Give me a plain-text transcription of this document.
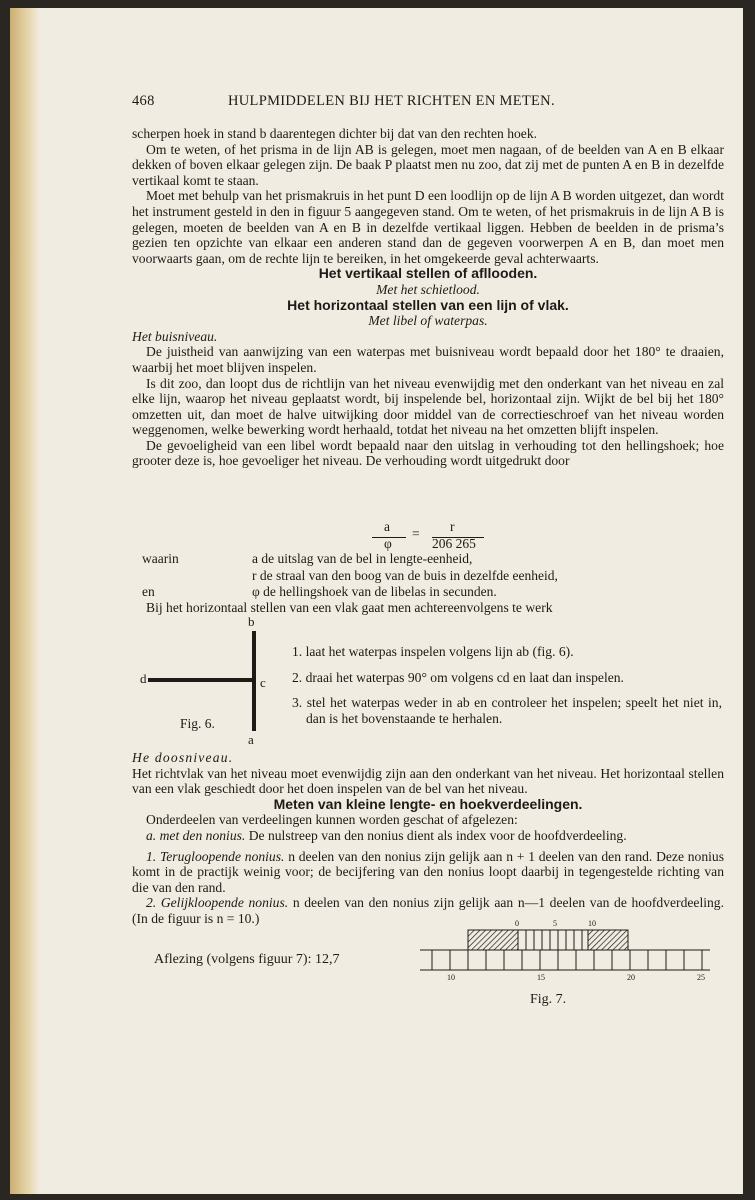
468	HULPMIDDELEN BIJ HET RICHTEN EN METEN.

scherpen hoek in stand b daarentegen dichter bij dat van den rechten hoek.

Om te weten, of het prisma in de lijn AB is gelegen, moet men nagaan, of de beelden van A en B elkaar dekken of boven elkaar gelegen zijn. De baak P plaatst men nu zoo, dat zij met de punten A en B in dezelfde vertikaal komt te staan.

Moet met behulp van het prismakruis in het punt D een loodlijn op de lijn A B worden uitgezet, dan wordt het instrument gesteld in den in figuur 5 aangegeven stand. Om te weten, of het prismakruis in de lijn A B is gelegen, moeten de beelden van A en B in dezelfde vertikaal liggen. Hebben de beelden in de prisma’s gezien ten opzichte van elkaar een anderen stand dan de gegeven voorwerpen A en B, dan moet men voorwaarts gaan, om de rechte lijn te bereiken, in het omgekeerde geval achterwaarts.

Het vertikaal stellen of afllooden.

Met het schietlood.

Het horizontaal stellen van een lijn of vlak.

Met libel of waterpas.

Het buisniveau.

De juistheid van aanwijzing van een waterpas met buisniveau wordt bepaald door het 180° te draaien, waarbij het moet blijven inspelen.

Is dit zoo, dan loopt dus de richtlijn van het niveau evenwijdig met den onderkant van het niveau en zal elke lijn, waarop het niveau geplaatst wordt, bij inspelende bel, horizontaal zijn. Wijkt de bel bij het 180° omzetten uit, dan moet de halve uitwijking door middel van de correctieschroef van het niveau worden weggenomen, welke bewerking wordt herhaald, totdat het niveau na het omzetten blijft inspelen.

De gevoeligheid van een libel wordt bepaald naar den uitslag in verhouding tot den hellingshoek; hoe grooter deze is, hoe gevoeliger het niveau. De verhouding wordt uitgedrukt door

a
φ
= r
206 265
waarin	a de uitslag van de bel in lengte-eenheid,
r de straal van den boog van de buis in dezelfde eenheid,
en	φ de hellingshoek van de libelas in secunden.

Bij het horizontaal stellen van een vlak gaat men achtereenvolgens te werk

b
d	c
Fig. 6.
a

1. laat het waterpas inspelen volgens lijn ab (fig. 6).

2. draai het waterpas 90° om volgens cd en laat dan inspelen.

3. stel het waterpas weder in ab en controleer het inspelen; speelt het niet in, dan is het bovenstaande te herhalen.

He doosniveau.

Het richtvlak van het niveau moet evenwijdig zijn aan den onderkant van het niveau. Het horizontaal stellen van een vlak geschiedt door het doen inspelen van de bel van het niveau.

Meten van kleine lengte- en hoekverdeelingen.

Onderdeelen van verdeelingen kunnen worden geschat of afgelezen:

a. met den nonius. De nulstreep van den nonius dient als index voor de hoofdverdeeling.

1. Terugloopende nonius. n deelen van den nonius zijn gelijk aan n + 1 deelen van den rand. Deze nonius komt in de practijk weinig voor; de becijfering van den nonius loopt daarbij in tegengestelde richting van die van den rand.

2. Gelijkloopende nonius. n deelen van den nonius zijn gelijk aan n—1 deelen van de hoofdverdeeling. (In de figuur is n = 10.)

Aflezing (volgens figuur 7): 12,7
0	5	10
10	15	20	25
Fig. 7.
